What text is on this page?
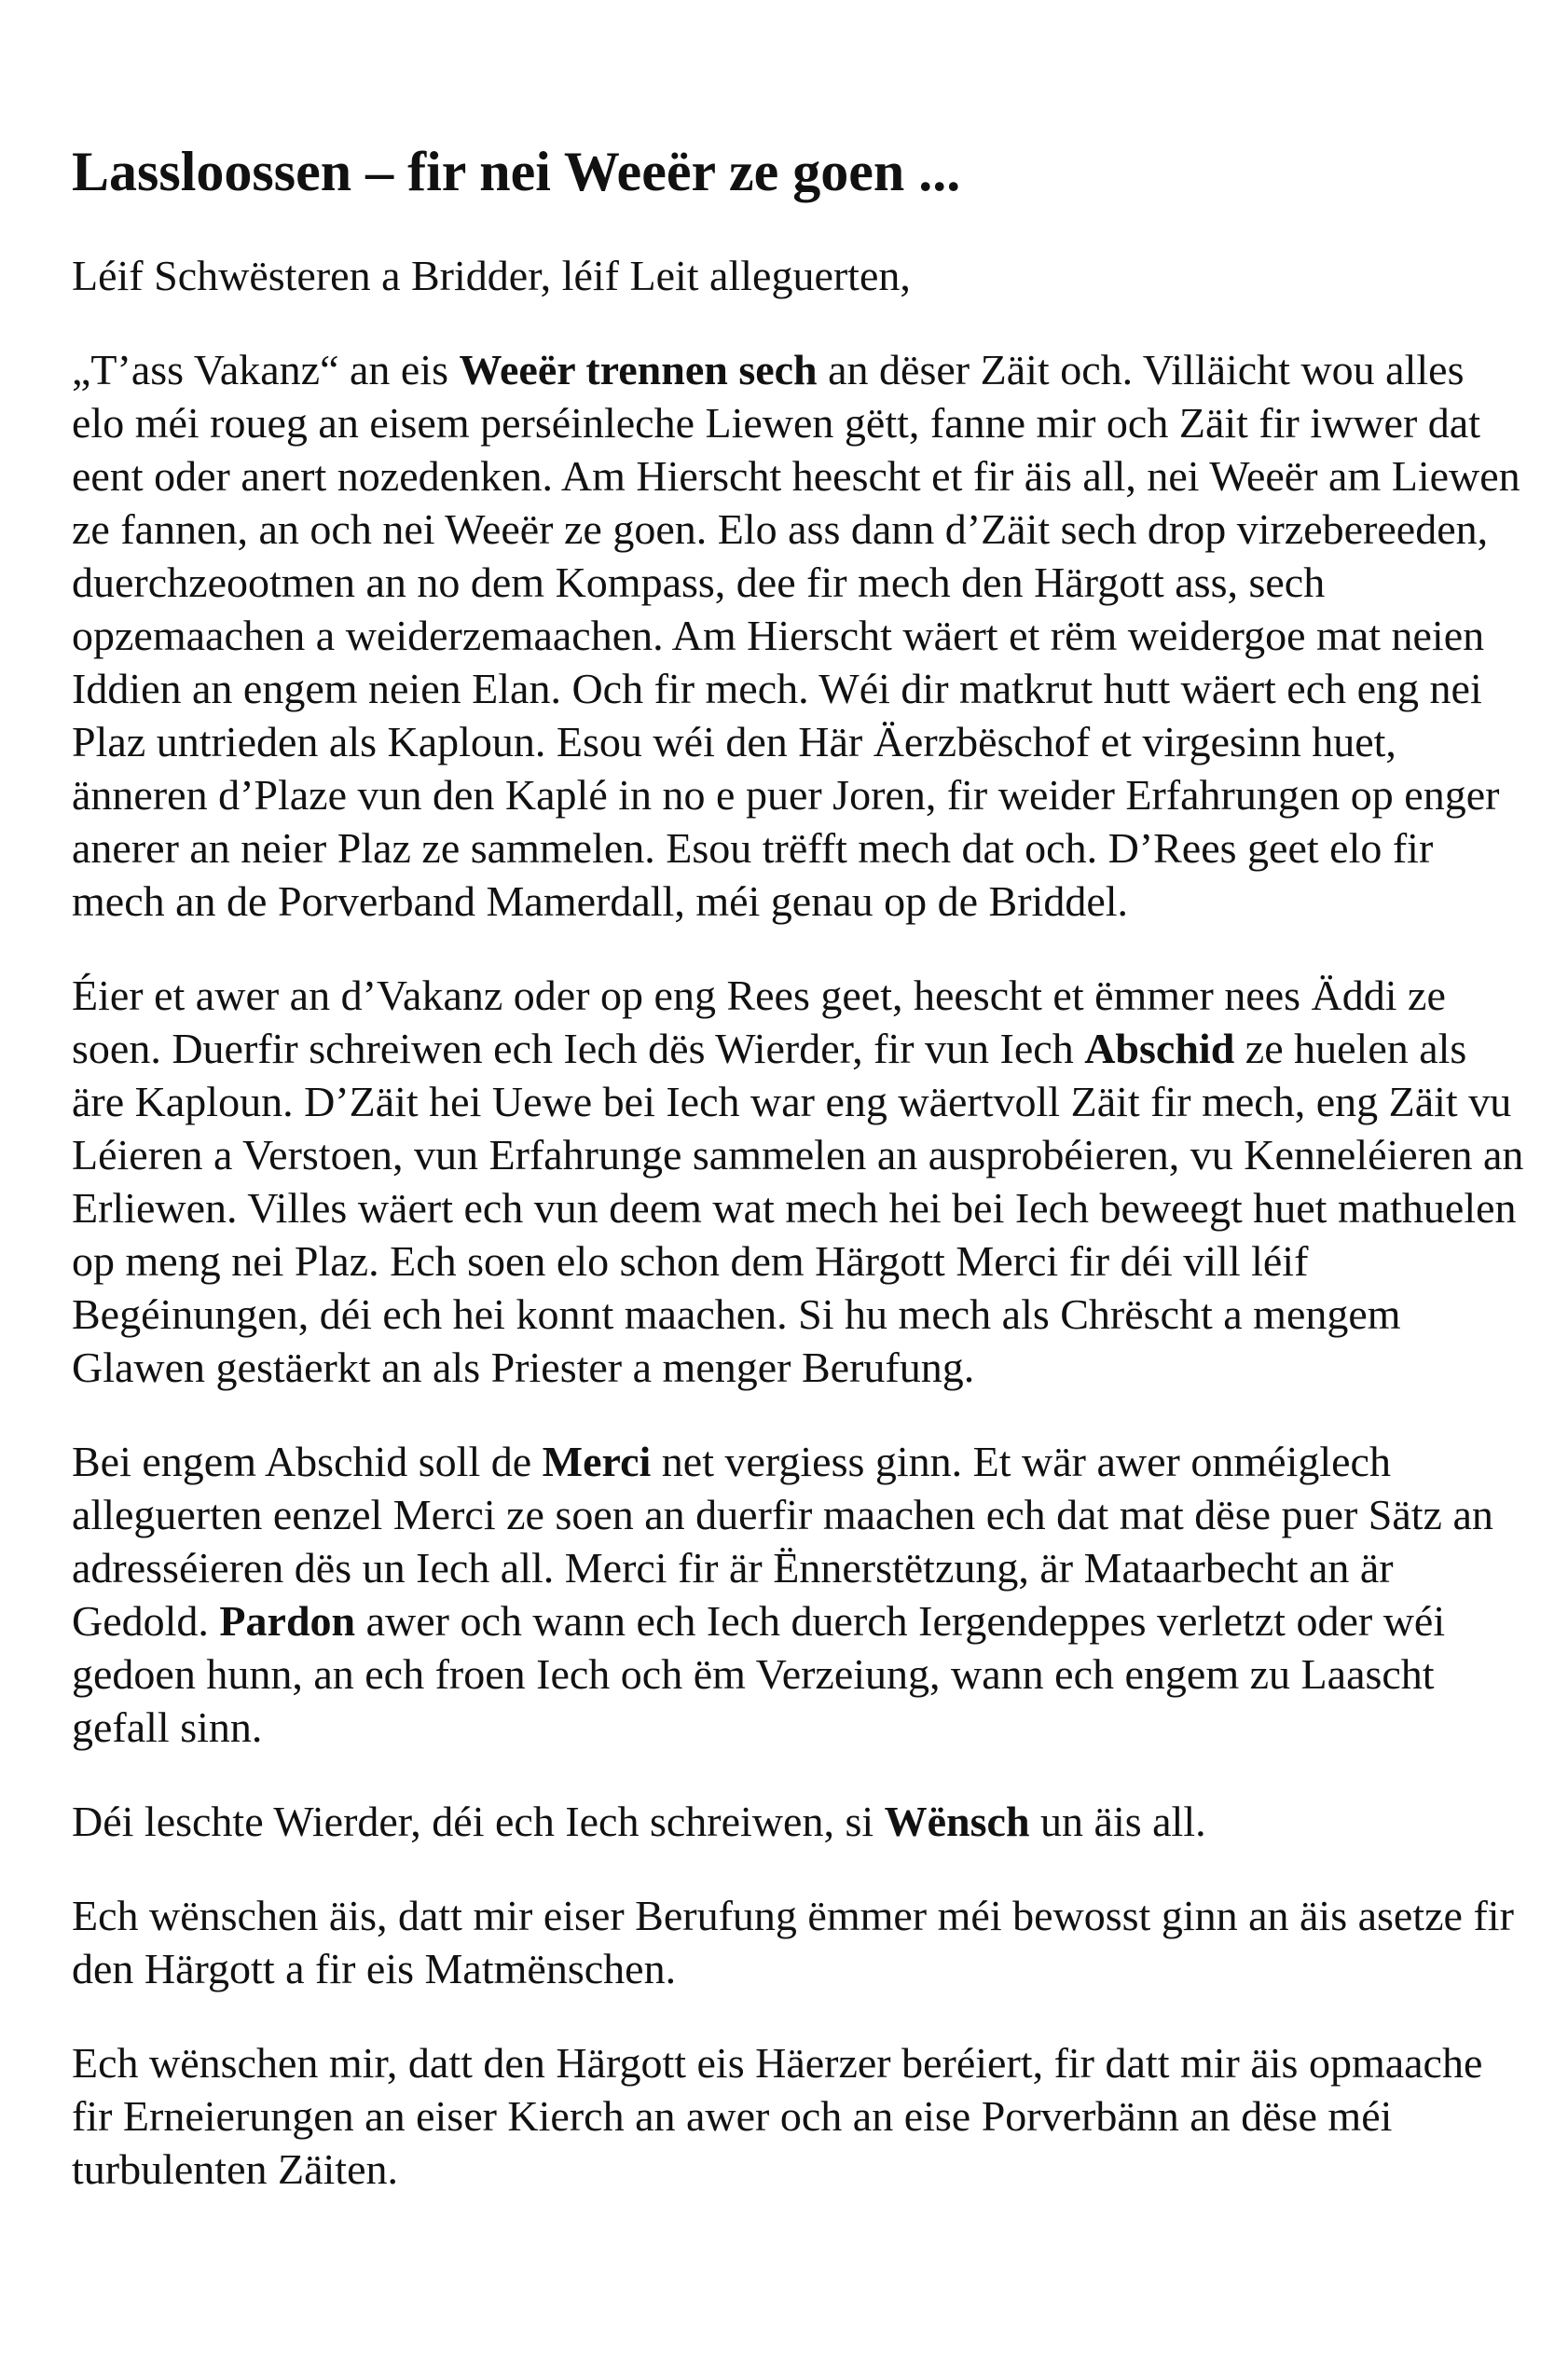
Lassloossen – fir nei Weeër ze goen ...

Léif Schwësteren a Bridder, léif Leit alleguerten,

„T’ass Vakanz“ an eis Weeër trennen sech an dëser Zäit och. Villäicht wou alles elo méi roueg an eisem perséinleche Liewen gëtt, fanne mir och Zäit fir iwwer dat eent oder anert nozedenken. Am Hierscht heescht et fir äis all, nei Weeër am Liewen ze fannen, an och nei Weeër ze goen. Elo ass dann d’Zäit sech drop virzebereeden, duerchzeootmen an no dem Kompass, dee fir mech den Härgott ass, sech opzemaachen a weiderzemaachen. Am Hierscht wäert et rëm weidergoe mat neien Iddien an engem neien Elan. Och fir mech. Wéi dir matkrut hutt wäert ech eng nei Plaz untrieden als Kaploun. Esou wéi den Här Äerzbëschof et virgesinn huet, änneren d’Plaze vun den Kaplé in no e puer Joren, fir weider Erfahrungen op enger anerer an neier Plaz ze sammelen. Esou trëfft mech dat och. D’Rees geet elo fir mech an de Porverband Mamerdall, méi genau op de Briddel.

Éier et awer an d’Vakanz oder op eng Rees geet, heescht et ëmmer nees Äddi ze soen. Duerfir schreiwen ech Iech dës Wierder, fir vun Iech Abschid ze huelen als äre Kaploun. D’Zäit hei Uewe bei Iech war eng wäertvoll Zäit fir mech, eng Zäit vu Léieren a Verstoen, vun Erfahrunge sammelen an ausprobéieren, vu Kenneléieren an Erliewen. Villes wäert ech vun deem wat mech hei bei Iech beweegt huet mathuelen op meng nei Plaz. Ech soen elo schon dem Härgott Merci fir déi vill léif Begéinungen, déi ech hei konnt maachen. Si hu mech als Chrëscht a mengem Glawen gestäerkt an als Priester a menger Berufung.

Bei engem Abschid soll de Merci net vergiess ginn. Et wär awer onméiglech alleguerten eenzel Merci ze soen an duerfir maachen ech dat mat dëse puer Sätz an adresséieren dës un Iech all. Merci fir är Ënnerstëtzung, är Mataarbecht an är Gedold. Pardon awer och wann ech Iech duerch Iergendeppes verletzt oder wéi gedoen hunn, an ech froen Iech och ëm Verzeiung, wann ech engem zu Laascht gefall sinn.

Déi leschte Wierder, déi ech Iech schreiwen, si Wënsch un äis all.

Ech wënschen äis, datt mir eiser Berufung ëmmer méi bewosst ginn an äis asetze fir den Härgott a fir eis Matmënschen.

Ech wënschen mir, datt den Härgott eis Häerzer beréiert, fir datt mir äis opmaache fir Erneierungen an eiser Kierch an awer och an eise Porverbänn an dëse méi turbulenten Zäiten.
